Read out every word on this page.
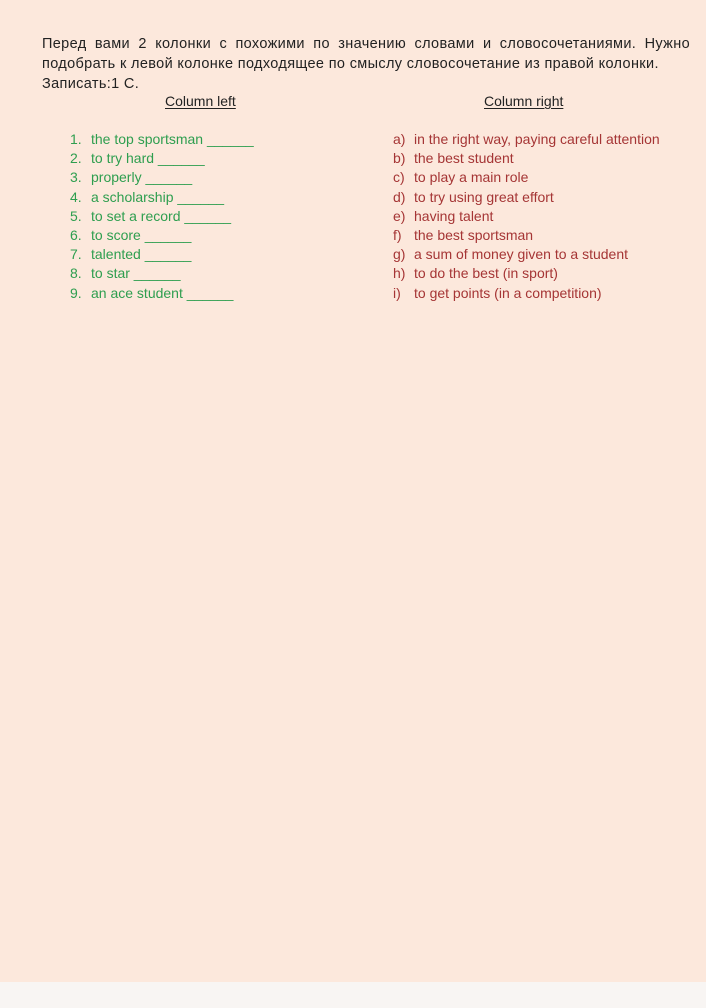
Перед вами 2 колонки с похожими по значению словами и словосочетаниями. Нужно подобрать к левой колонке подходящее по смыслу словосочетание из правой колонки.

Записать:1 С.

Column left	Column right
1. the top sportsman ______
2. to try hard ______
3. properly ______
4. a scholarship ______
5. to set a record ______
6. to score ______
7. talented ______
8. to star ______
9. an ace student ______
a) in the right way, paying careful attention
b) the best student
c) to play a main role
d) to try using great effort
e) having talent
f) the best sportsman
g) a sum of money given to a student
h) to do the best (in sport)
i) to get points (in a competition)
